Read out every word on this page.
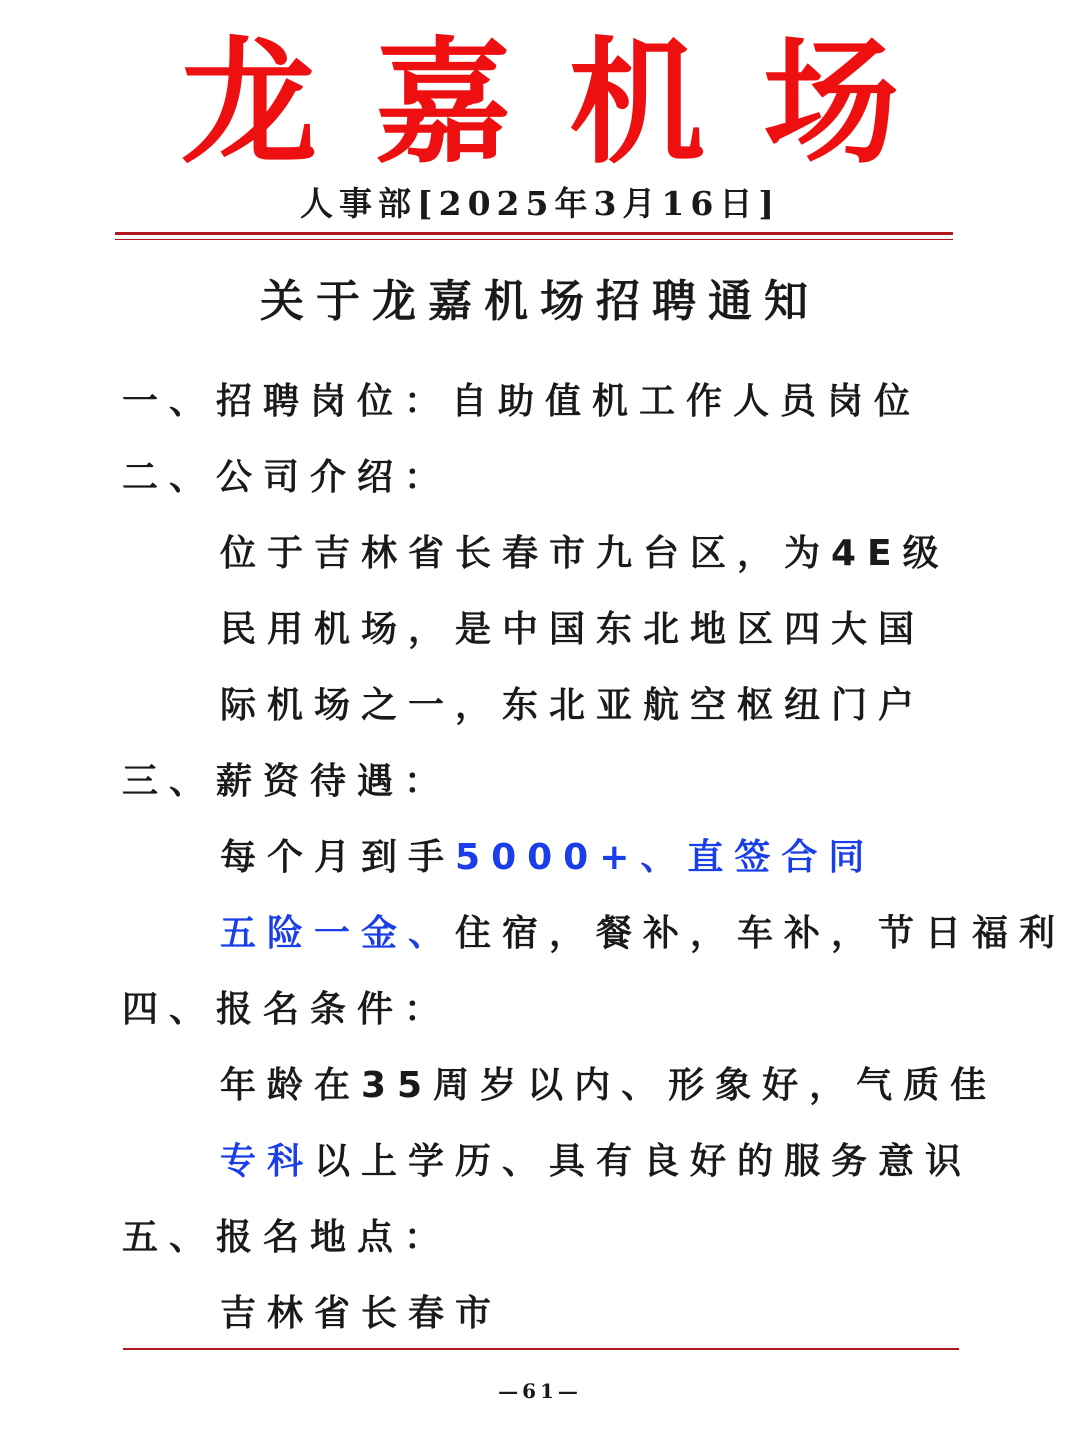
龙嘉机场
人事部[2025年3月16日]
关于龙嘉机场招聘通知
一、招聘岗位：自助值机工作人员岗位
二、公司介绍：
位于吉林省长春市九台区，为4E级
民用机场，是中国东北地区四大国
际机场之一，东北亚航空枢纽门户
三、薪资待遇：
每个月到手5000+、直签合同
五险一金、住宿，餐补，车补，节日福利
四、报名条件：
年龄在35周岁以内、形象好，气质佳
专科以上学历、具有良好的服务意识
五、报名地点：
吉林省长春市
—61—
